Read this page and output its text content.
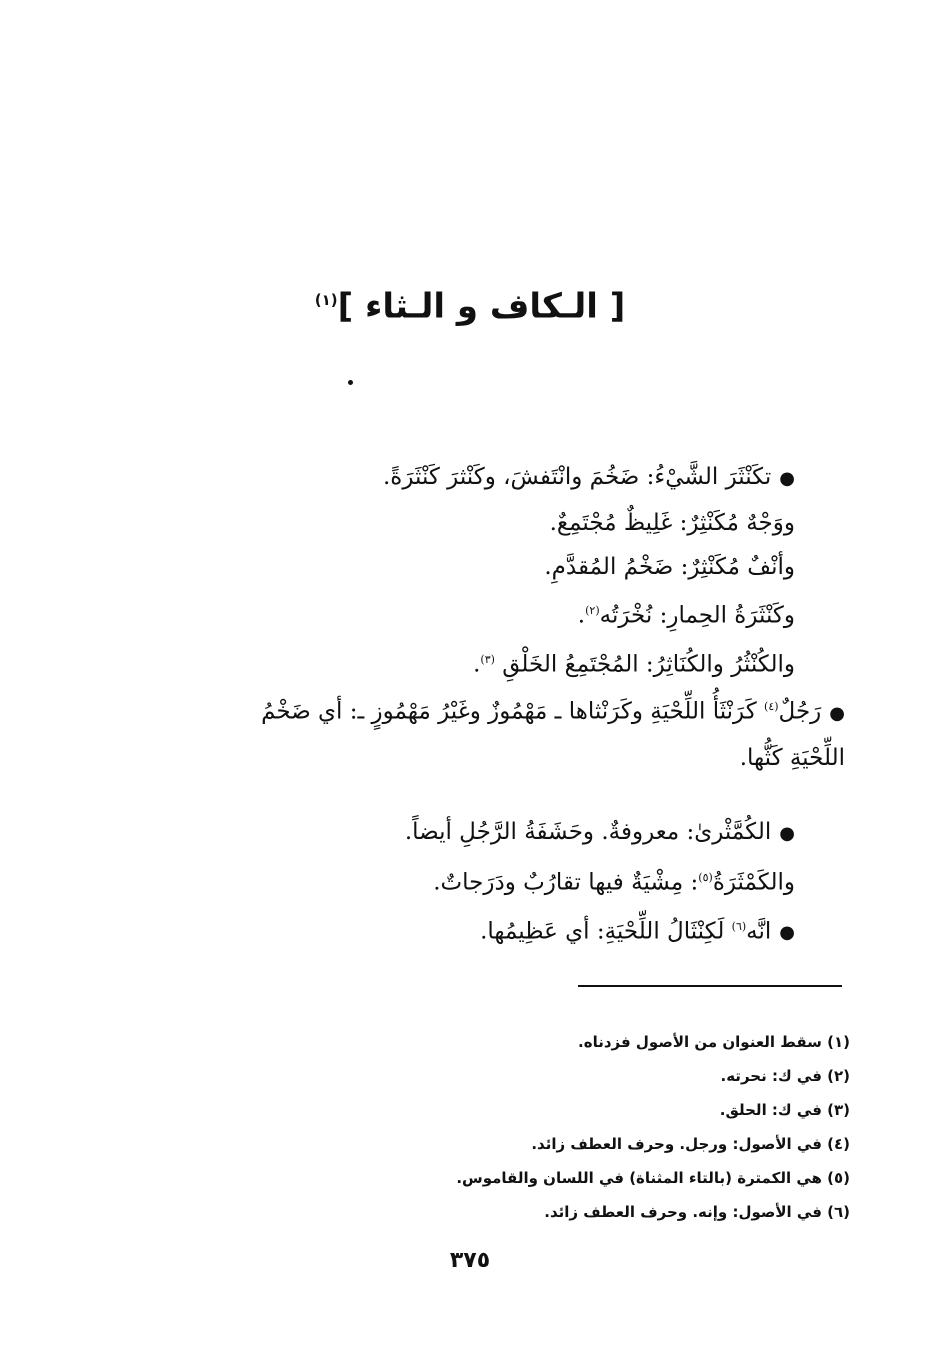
[ الـكاف و الـثاء ]$^{(١)}$
● تكَنْثَرَ الشَّيْءُ: ضَخُمَ وانْتَفشَ، وكَنْثرَ كَنْثَرَةً.
ووَجْهٌ مُكَنْثِرٌ: غَلِيظٌ مُجْتَمِعٌ.
وأنْفٌ مُكَنْثِرٌ: ضَخْمُ المُقدَّمِ.
وكَنْثَرَةُ الحِمارِ: نُخْرَتُه$^{(٢)}$.
والكُنْثُرُ والكُنَاثِرُ: المُجْتَمِعُ الخَلْقِ $^{(٣)}$.
● رَجُلٌ$^{(٤)}$ كَرَنْثَأُ اللِّحْيَةِ وكَرَنْثاها ـ مَهْمُوزٌ وغَيْرُ مَهْمُوزٍ ـ: أي ضَخْمُ
اللِّحْيَةِ كَثُّها.
● الكُمَّثْرىٰ: معروفةٌ. وحَشَفَةُ الرَّجُلِ أيضاً.
والكَمْثَرَةُ$^{(٥)}$: مِشْيَةٌ فيها تقارُبٌ ودَرَجاتٌ.
● انَّه$^{(٦)}$ لَكِنْثَالُ اللِّحْيَةِ: أي عَظِيمُها.
(١) سقط العنوان من الأصول فزدناه.
(٢) في ك: نحرته.
(٣) في ك: الحلق.
(٤) في الأصول: ورجل. وحرف العطف زائد.
(٥) هي الكمترة (بالتاء المثناة) في اللسان والقاموس.
(٦) في الأصول: وإنه. وحرف العطف زائد.
٣٧٥
